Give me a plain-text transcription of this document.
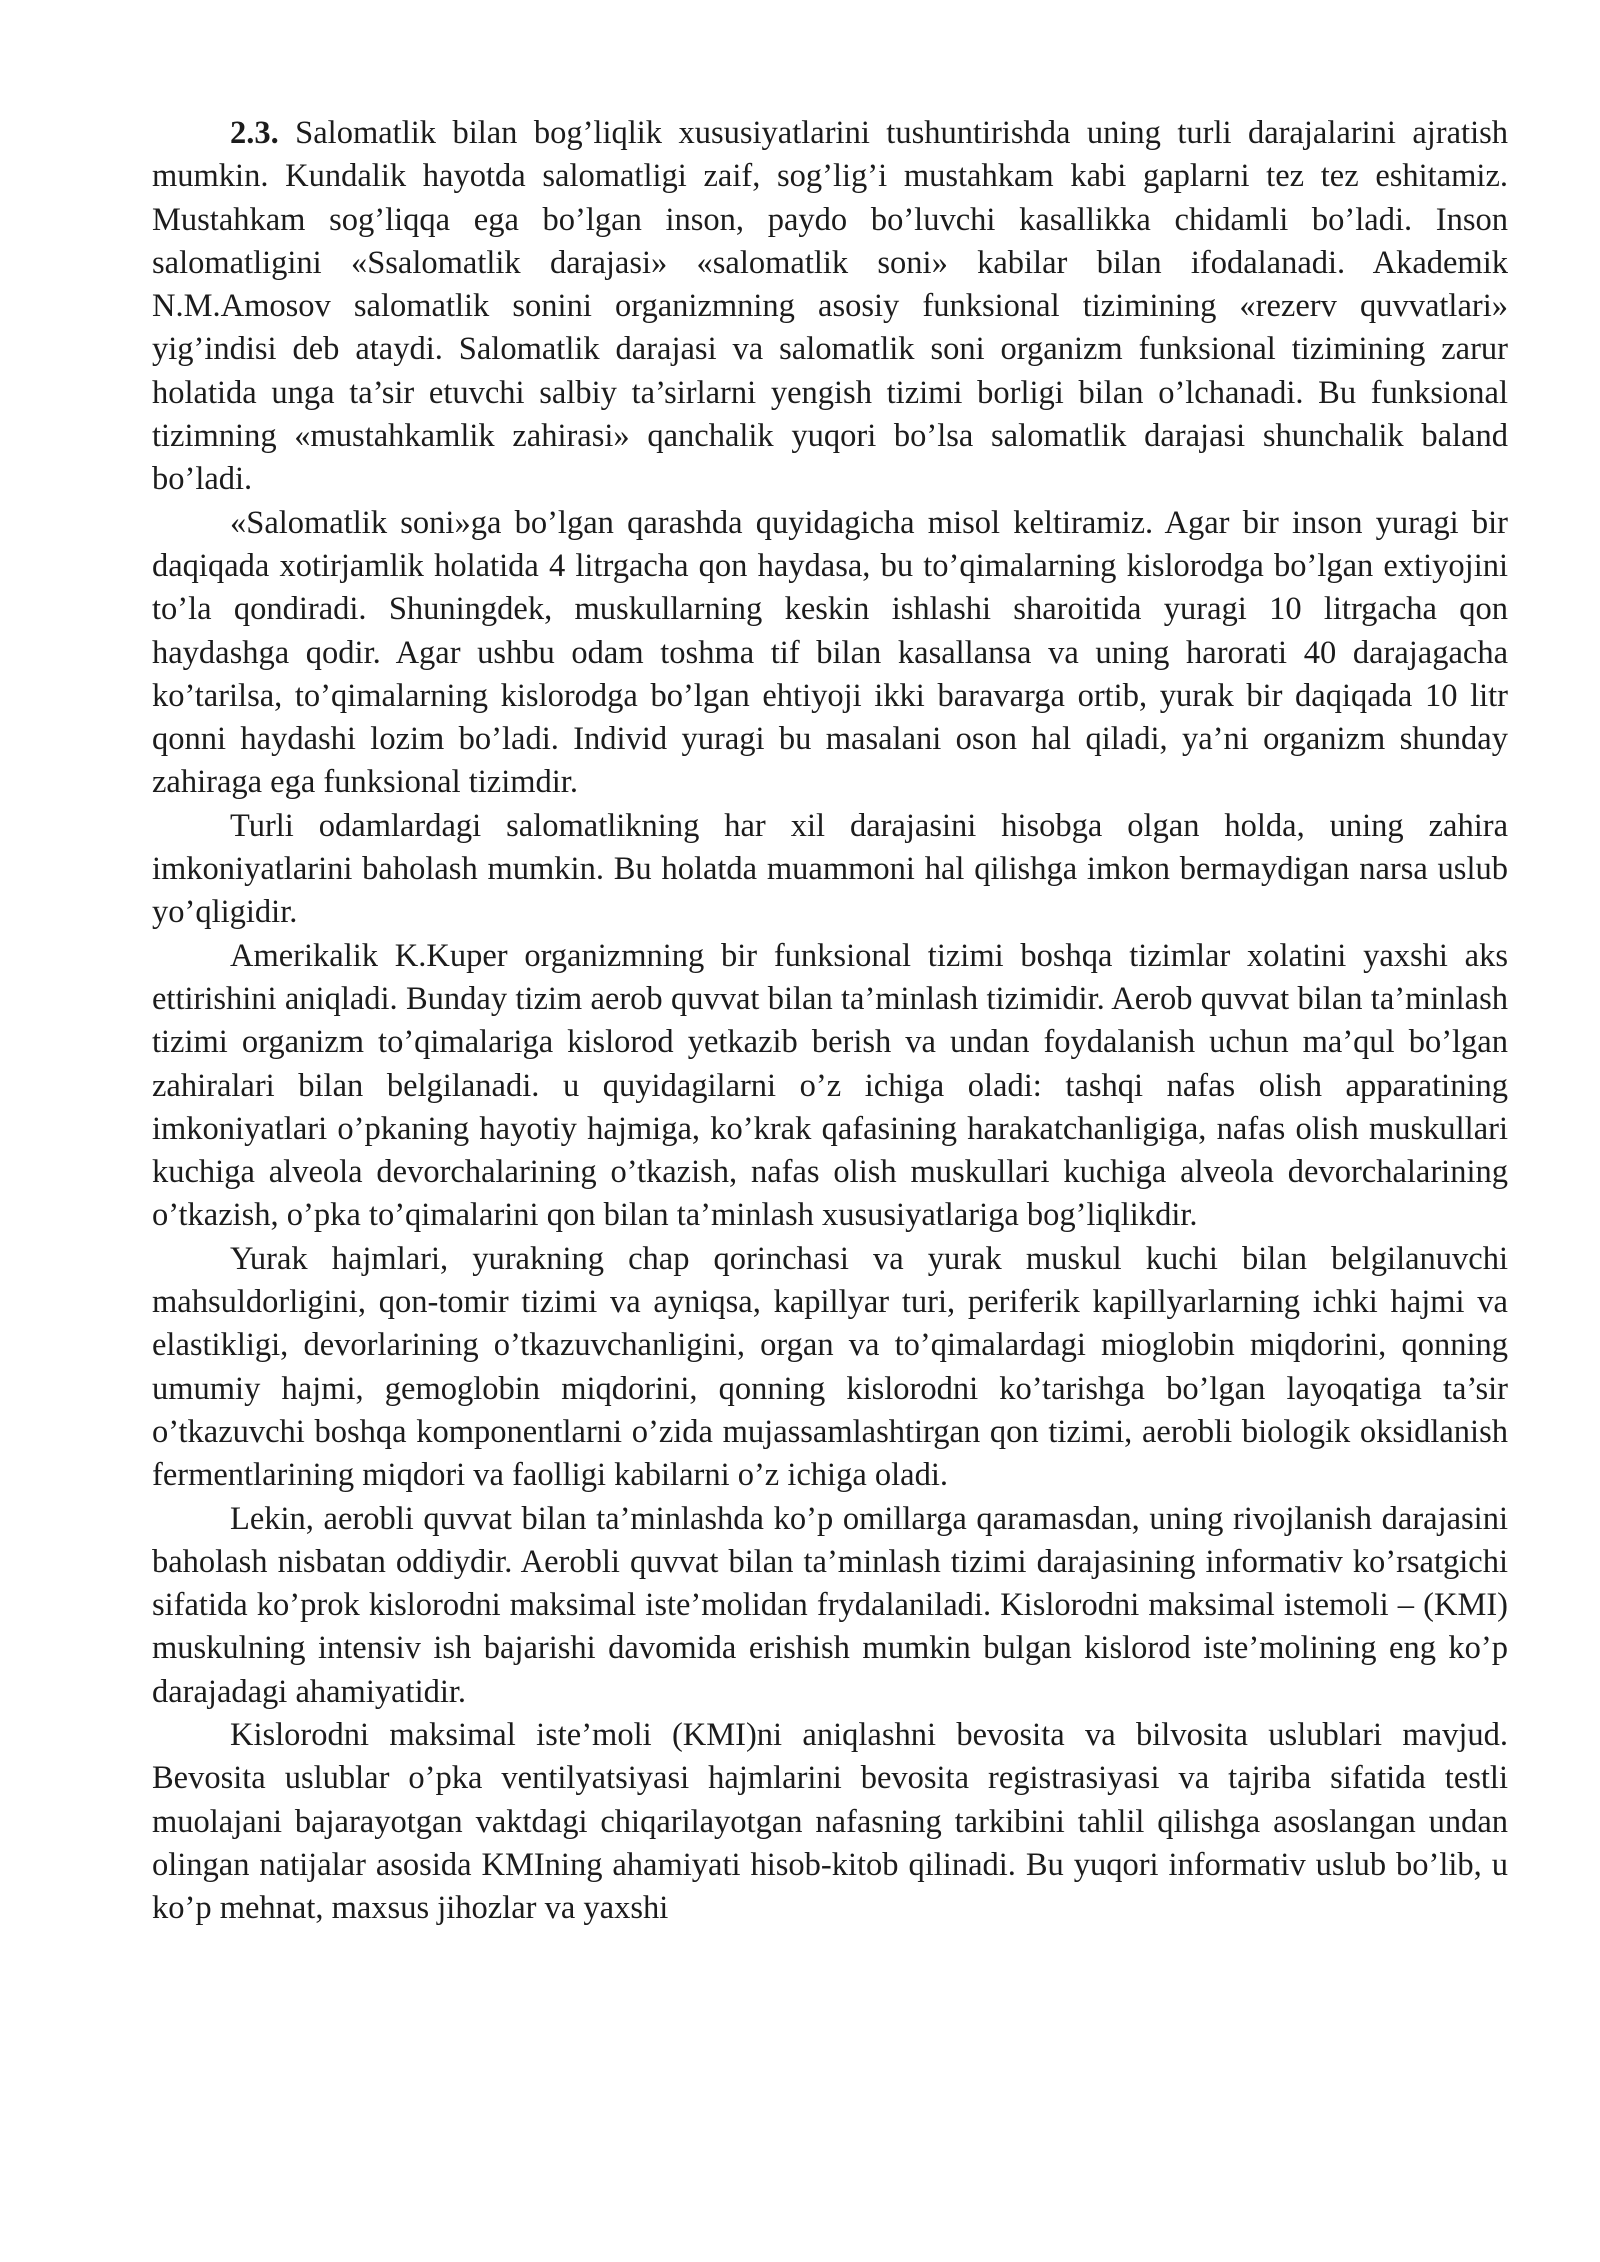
2.3. Salomatlik bilan bog’liqlik xususiyatlarini tushuntirishda uning turli darajalarini ajratish mumkin. Kundalik hayotda salomatligi zaif, sog’lig’i mustahkam kabi gaplarni tez tez eshitamiz. Mustahkam sog’liqqa ega bo’lgan inson, paydo bo’luvchi kasallikka chidamli bo’ladi. Inson salomatligini «Ssalomatlik darajasi» «salomatlik soni» kabilar bilan ifodalanadi. Akademik N.M.Amosov salomatlik sonini organizmning asosiy funksional tizimining «rezerv quvvatlari» yig’indisi deb ataydi. Salomatlik darajasi va salomatlik soni organizm funksional tizimining zarur holatida unga ta’sir etuvchi salbiy ta’sirlarni yengish tizimi borligi bilan o’lchanadi. Bu funksional tizimning «mustahkamlik zahirasi» qanchalik yuqori bo’lsa salomatlik darajasi shunchalik baland bo’ladi.

«Salomatlik soni»ga bo’lgan qarashda quyidagicha misol keltiramiz. Agar bir inson yuragi bir daqiqada xotirjamlik holatida 4 litrgacha qon haydasa, bu to’qimalarning kislorodga bo’lgan extiyojini to’la qondiradi. Shuningdek, muskullarning keskin ishlashi sharoitida yuragi 10 litrgacha qon haydashga qodir. Agar ushbu odam toshma tif bilan kasallansa va uning harorati 40 darajagacha ko’tarilsa, to’qimalarning kislorodga bo’lgan ehtiyoji ikki baravarga ortib, yurak bir daqiqada 10 litr qonni haydashi lozim bo’ladi. Individ yuragi bu masalani oson hal qiladi, ya’ni organizm shunday zahiraga ega funksional tizimdir.

Turli odamlardagi salomatlikning har xil darajasini hisobga olgan holda, uning zahira imkoniyatlarini baholash mumkin. Bu holatda muammoni hal qilishga imkon bermaydigan narsa uslub yo’qligidir.

Amerikalik K.Kuper organizmning bir funksional tizimi boshqa tizimlar xolatini yaxshi aks ettirishini aniqladi. Bunday tizim aerob quvvat bilan ta’minlash tizimidir. Aerob quvvat bilan ta’minlash tizimi organizm to’qimalariga kislorod yetkazib berish va undan foydalanish uchun ma’qul bo’lgan zahiralari bilan belgilanadi. u quyidagilarni o’z ichiga oladi: tashqi nafas olish apparatining imkoniyatlari o’pkaning hayotiy hajmiga, ko’krak qafasining harakatchanligiga, nafas olish muskullari kuchiga alveola devorchalarining o’tkazish, nafas olish muskullari kuchiga alveola devorchalarining o’tkazish, o’pka to’qimalarini qon bilan ta’minlash xususiyatlariga bog’liqlikdir.

Yurak hajmlari, yurakning chap qorinchasi va yurak muskul kuchi bilan belgilanuvchi mahsuldorligini, qon-tomir tizimi va ayniqsa, kapillyar turi, periferik kapillyarlarning ichki hajmi va elastikligi, devorlarining o’tkazuvchanligini, organ va to’qimalardagi mioglobin miqdorini, qonning umumiy hajmi, gemoglobin miqdorini, qonning kislorodni ko’tarishga bo’lgan layoqatiga ta’sir o’tkazuvchi boshqa komponentlarni o’zida mujassamlashtirgan qon tizimi, aerobli biologik oksidlanish fermentlarining miqdori va faolligi kabilarni o’z ichiga oladi.

Lekin, aerobli quvvat bilan ta’minlashda ko’p omillarga qaramasdan, uning rivojlanish darajasini baholash nisbatan oddiydir. Aerobli quvvat bilan ta’minlash tizimi darajasining informativ ko’rsatgichi sifatida ko’prok kislorodni maksimal iste’molidan frydalaniladi. Kislorodni maksimal istemoli – (KMI) muskulning intensiv ish bajarishi davomida erishish mumkin bulgan kislorod iste’molining eng ko’p darajadagi ahamiyatidir.

Kislorodni maksimal iste’moli (KMI)ni aniqlashni bevosita va bilvosita uslublari mavjud. Bevosita uslublar o’pka ventilyatsiyasi hajmlarini bevosita registrasiyasi va tajriba sifatida testli muolajani bajarayotgan vaktdagi chiqarilayotgan nafasning tarkibini tahlil qilishga asoslangan undan olingan natijalar asosida KMIning ahamiyati hisob-kitob qilinadi. Bu yuqori informativ uslub bo’lib, u ko’p mehnat, maxsus jihozlar va yaxshi
